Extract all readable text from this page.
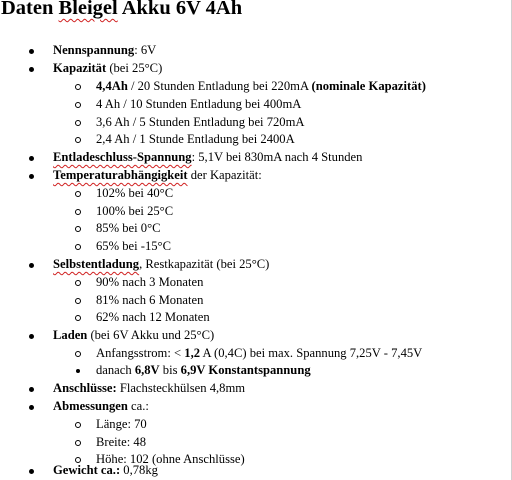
Daten Bleigel Akku 6V 4Ah
Nennspannung: 6V
Kapazität (bei 25°C)
4,4Ah / 20 Stunden Entladung bei 220mA (nominale Kapazität)
4 Ah / 10 Stunden Entladung bei 400mA
3,6 Ah / 5 Stunden Entladung bei 720mA
2,4 Ah / 1 Stunde Entladung bei 2400A
Entladeschluss-Spannung: 5,1V bei 830mA nach 4 Stunden
Temperaturabhängigkeit der Kapazität:
102% bei 40°C
100% bei 25°C
85% bei 0°C
65% bei -15°C
Selbstentladung, Restkapazität (bei 25°C)
90% nach 3 Monaten
81% nach 6 Monaten
62% nach 12 Monaten
Laden (bei 6V Akku und 25°C)
Anfangsstrom: < 1,2 A (0,4C) bei max. Spannung 7,25V - 7,45V
danach 6,8V bis 6,9V Konstantspannung
Anschlüsse: Flachsteckhülsen 4,8mm
Abmessungen ca.:
Länge: 70
Breite: 48
Höhe: 102 (ohne Anschlüsse)
Gewicht ca.: 0,78kg
